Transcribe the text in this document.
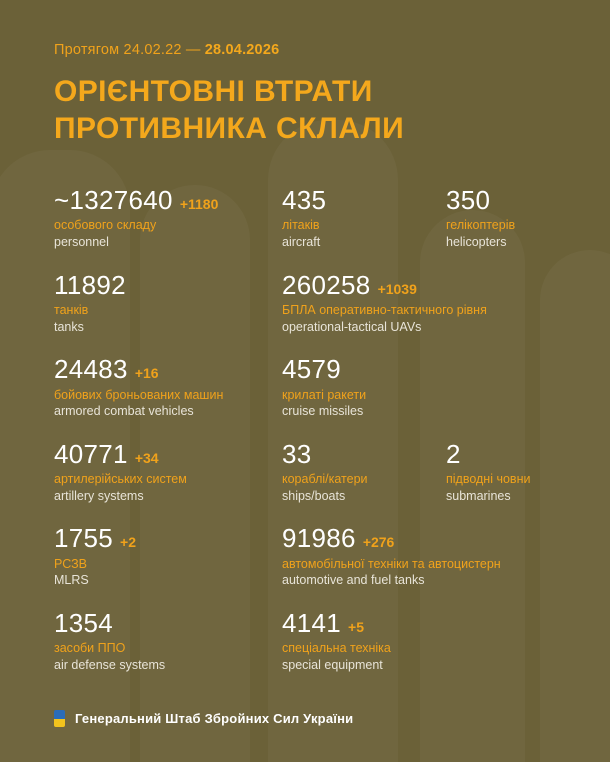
Протягом 24.02.22 — 28.04.2026
ОРІЄНТОВНІ ВТРАТИ
ПРОТИВНИКА СКЛАЛИ
~1327640 +1180
особового складу
personnel
435
літаків
aircraft
350
гелікоптерів
helicopters
11892
танків
tanks
260258 +1039
БПЛА оперативно-тактичного рівня
operational-tactical UAVs
24483 +16
бойових броньованих машин
armored combat vehicles
4579
крилаті ракети
cruise missiles
40771 +34
артилерійських систем
artillery systems
33
кораблі/катери
ships/boats
2
підводні човни
submarines
1755 +2
РСЗВ
MLRS
91986 +276
автомобільної техніки та автоцистерн
automotive and fuel tanks
1354
засоби ППО
air defense systems
4141 +5
спеціальна техніка
special equipment
Генеральний Штаб Збройних Сил України
